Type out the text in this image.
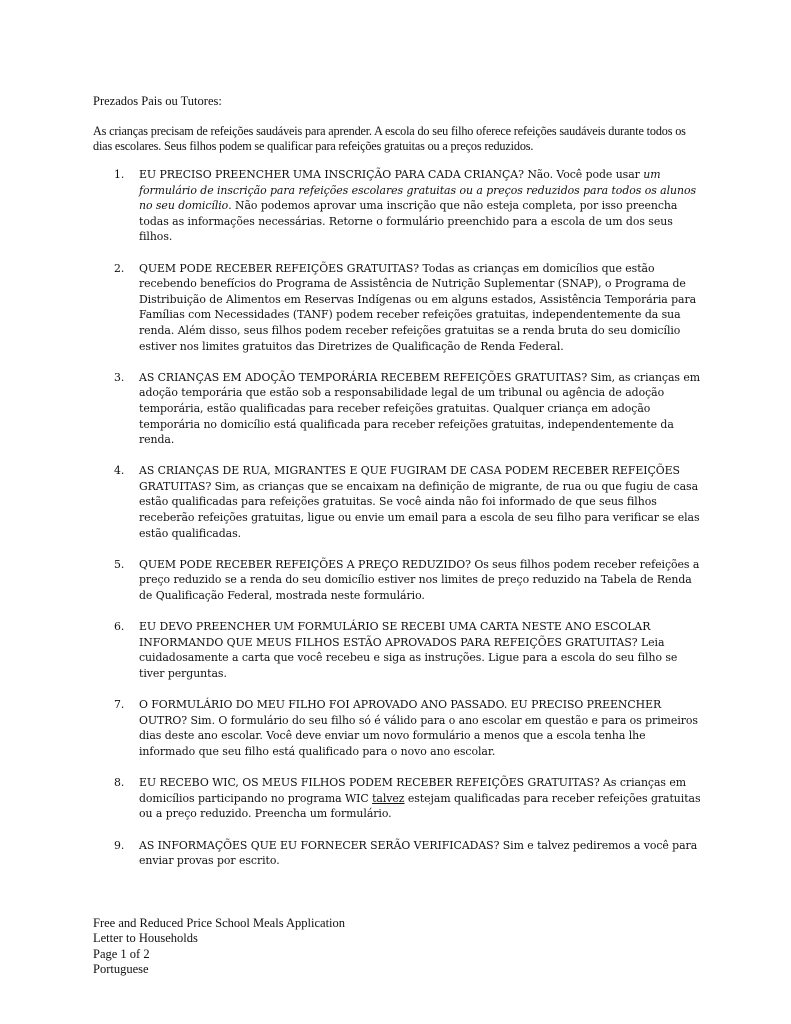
Prezados Pais ou Tutores:
As crianças precisam de refeições saudáveis para aprender. A escola do seu filho oferece refeições saudáveis durante todos os dias escolares. Seus filhos podem se qualificar para refeições gratuitas ou a preços reduzidos.
1. EU PRECISO PREENCHER UMA INSCRIÇÃO PARA CADA CRIANÇA? Não. Você pode usar um formulário de inscrição para refeições escolares gratuitas ou a preços reduzidos para todos os alunos no seu domicílio. Não podemos aprovar uma inscrição que não esteja completa, por isso preencha todas as informações necessárias. Retorne o formulário preenchido para a escola de um dos seus filhos.
2. QUEM PODE RECEBER REFEIÇÕES GRATUITAS? Todas as crianças em domicílios que estão recebendo benefícios do Programa de Assistência de Nutrição Suplementar (SNAP), o Programa de Distribuição de Alimentos em Reservas Indígenas ou em alguns estados, Assistência Temporária para Famílias com Necessidades (TANF) podem receber refeições gratuitas, independentemente da sua renda. Além disso, seus filhos podem receber refeições gratuitas se a renda bruta do seu domicílio estiver nos limites gratuitos das Diretrizes de Qualificação de Renda Federal.
3. AS CRIANÇAS EM ADOÇÃO TEMPORÁRIA RECEBEM REFEIÇÕES GRATUITAS? Sim, as crianças em adoção temporária que estão sob a responsabilidade legal de um tribunal ou agência de adoção temporária, estão qualificadas para receber refeições gratuitas. Qualquer criança em adoção temporária no domicílio está qualificada para receber refeições gratuitas, independentemente da renda.
4. AS CRIANÇAS DE RUA, MIGRANTES E QUE FUGIRAM DE CASA PODEM RECEBER REFEIÇÕES GRATUITAS? Sim, as crianças que se encaixam na definição de migrante, de rua ou que fugiu de casa estão qualificadas para refeições gratuitas. Se você ainda não foi informado de que seus filhos receberão refeições gratuitas, ligue ou envie um email para a escola de seu filho para verificar se elas estão qualificadas.
5. QUEM PODE RECEBER REFEIÇÕES A PREÇO REDUZIDO? Os seus filhos podem receber refeições a preço reduzido se a renda do seu domicílio estiver nos limites de preço reduzido na Tabela de Renda de Qualificação Federal, mostrada neste formulário.
6. EU DEVO PREENCHER UM FORMULÁRIO SE RECEBI UMA CARTA NESTE ANO ESCOLAR INFORMANDO QUE MEUS FILHOS ESTÃO APROVADOS PARA REFEIÇÕES GRATUITAS? Leia cuidadosamente a carta que você recebeu e siga as instruções. Ligue para a escola do seu filho se tiver perguntas.
7. O FORMULÁRIO DO MEU FILHO FOI APROVADO ANO PASSADO. EU PRECISO PREENCHER OUTRO? Sim. O formulário do seu filho só é válido para o ano escolar em questão e para os primeiros dias deste ano escolar. Você deve enviar um novo formulário a menos que a escola tenha lhe informado que seu filho está qualificado para o novo ano escolar.
8. EU RECEBO WIC, OS MEUS FILHOS PODEM RECEBER REFEIÇÕES GRATUITAS? As crianças em domicílios participando no programa WIC talvez estejam qualificadas para receber refeições gratuitas ou a preço reduzido. Preencha um formulário.
9. AS INFORMAÇÕES QUE EU FORNECER SERÃO VERIFICADAS? Sim e talvez pediremos a você para enviar provas por escrito.
Free and Reduced Price School Meals Application
Letter to Households
Page 1 of 2
Portuguese
